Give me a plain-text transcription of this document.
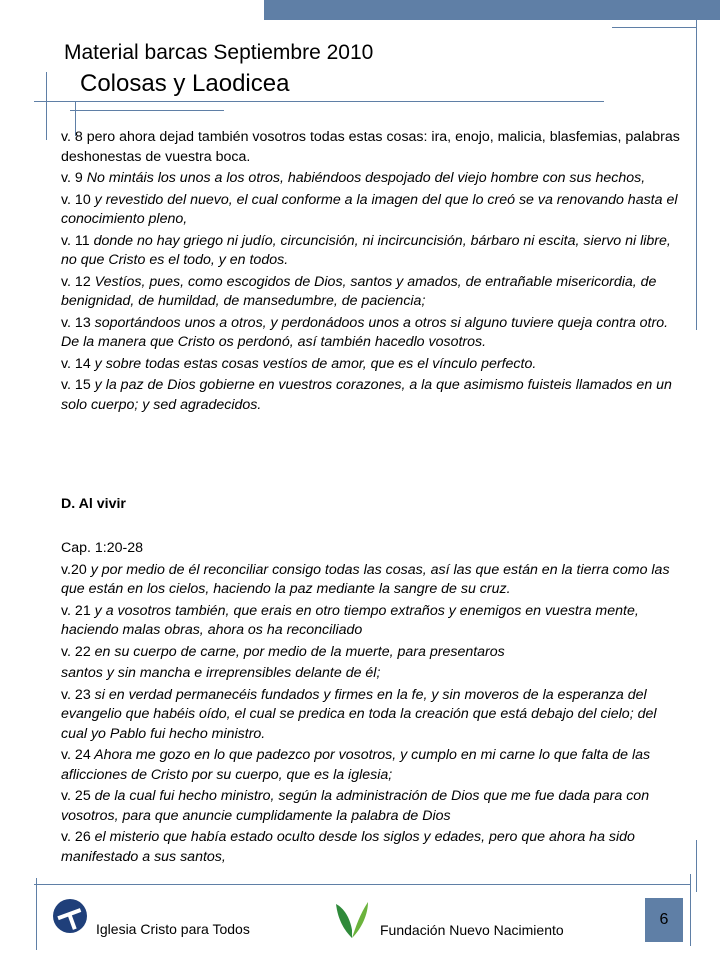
Material barcas Septiembre 2010
Colosas y Laodicea
v. 8 pero ahora dejad también vosotros todas estas cosas: ira, enojo, malicia, blasfemias, palabras deshonestas de vuestra boca.
v. 9 No mintáis los unos a los otros, habiéndoos despojado del viejo hombre con sus hechos,
v. 10 y revestido del nuevo, el cual conforme a la imagen del que lo creó se va renovando hasta el conocimiento pleno,
v. 11 donde no hay griego ni judío, circuncisión, ni incircuncisión, bárbaro ni escita, siervo ni libre, no que Cristo es el todo, y en todos.
v. 12 Vestíos, pues, como escogidos de Dios, santos y amados, de entrañable misericordia, de benignidad, de humildad, de mansedumbre, de paciencia;
v. 13 soportándoos unos a otros, y perdonádoos unos a otros si alguno tuviere queja contra otro. De la manera que Cristo os perdonó, así también hacedlo vosotros.
v. 14 y sobre todas estas cosas vestíos de amor, que es el vínculo perfecto.
v. 15 y la paz de Dios gobierne en vuestros corazones, a la que asimismo fuisteis llamados en un solo cuerpo; y sed agradecidos.
D. Al vivir
Cap. 1:20-28
v.20 y por medio de él reconciliar consigo todas las cosas, así las que están en la tierra como las que están en los cielos, haciendo la paz mediante la sangre de su cruz.
v. 21 y a vosotros también, que erais en otro tiempo extraños y enemigos en vuestra mente, haciendo malas obras, ahora os ha reconciliado
v. 22 en su cuerpo de carne, por medio de la muerte, para presentaros
santos y sin mancha e irreprensibles delante de él;
v. 23 si en verdad permanecéis fundados y firmes en la fe, y sin moveros de la esperanza del evangelio que habéis oído, el cual se predica en toda la creación que está debajo del cielo; del cual yo Pablo fui hecho ministro.
v. 24 Ahora me gozo en lo que padezco por vosotros, y cumplo en mi carne lo que falta de las aflicciones de Cristo por su cuerpo, que es la iglesia;
v. 25 de la cual fui hecho ministro, según la administración de Dios que me fue dada para con vosotros, para que anuncie cumplidamente la palabra de Dios
v. 26 el misterio que había estado oculto desde los siglos y edades, pero que ahora ha sido manifestado a sus santos,
Iglesia Cristo para Todos	Fundación Nuevo Nacimiento
6
